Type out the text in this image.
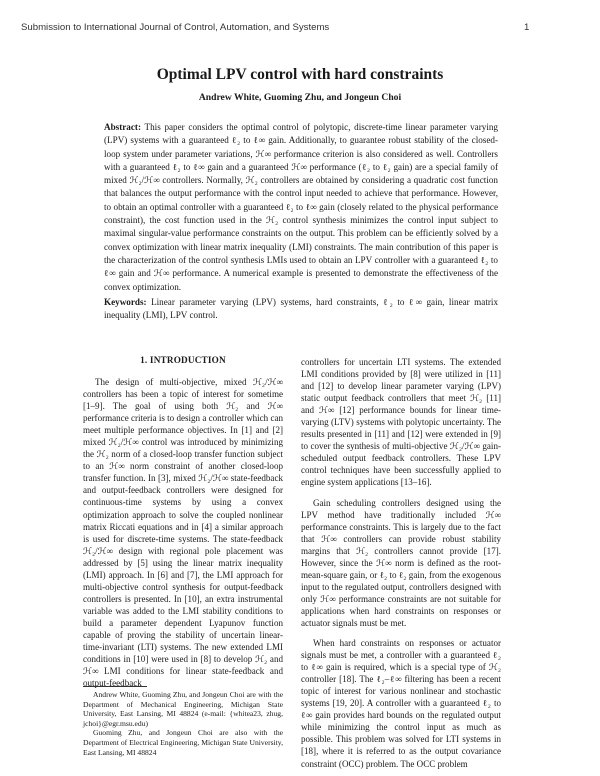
Submission to International Journal of Control, Automation, and Systems	1
Optimal LPV control with hard constraints
Andrew White, Guoming Zhu, and Jongeun Choi
Abstract: This paper considers the optimal control of polytopic, discrete-time linear parameter varying (LPV) systems with a guaranteed ℓ₂ to ℓ∞ gain. Additionally, to guarantee robust stability of the closed-loop system under parameter variations, ℋ∞ performance criterion is also considered as well. Controllers with a guaranteed ℓ₂ to ℓ∞ gain and a guaranteed ℋ∞ performance (ℓ₂ to ℓ₂ gain) are a special family of mixed ℋ₂/ℋ∞ controllers. Normally, ℋ₂ controllers are obtained by considering a quadratic cost function that balances the output performance with the control input needed to achieve that performance. However, to obtain an optimal controller with a guaranteed ℓ₂ to ℓ∞ gain (closely related to the physical performance constraint), the cost function used in the ℋ₂ control synthesis minimizes the control input subject to maximal singular-value performance constraints on the output. This problem can be efficiently solved by a convex optimization with linear matrix inequality (LMI) constraints. The main contribution of this paper is the characterization of the control synthesis LMIs used to obtain an LPV controller with a guaranteed ℓ₂ to ℓ∞ gain and ℋ∞ performance. A numerical example is presented to demonstrate the effectiveness of the convex optimization.
Keywords: Linear parameter varying (LPV) systems, hard constraints, ℓ₂ to ℓ∞ gain, linear matrix inequality (LMI), LPV control.
1. INTRODUCTION

The design of multi-objective, mixed ℋ₂/ℋ∞ controllers has been a topic of interest for sometime [1–9]. The goal of using both ℋ₂ and ℋ∞ performance criteria is to design a controller which can meet multiple performance objectives. In [1] and [2] mixed ℋ₂/ℋ∞ control was introduced by minimizing the ℋ₂ norm of a closed-loop transfer function subject to an ℋ∞ norm constraint of another closed-loop transfer function. In [3], mixed ℋ₂/ℋ∞ state-feedback and output-feedback controllers were designed for continuous-time systems by using a convex optimization approach to solve the coupled nonlinear matrix Riccati equations and in [4] a similar approach is used for discrete-time systems. The state-feedback ℋ₂/ℋ∞ design with regional pole placement was addressed by [5] using the linear matrix inequality (LMI) approach. In [6] and [7], the LMI approach for multi-objective control synthesis for output-feedback controllers is presented. In [10], an extra instrumental variable was added to the LMI stability conditions to build a parameter dependent Lyapunov function capable of proving the stability of uncertain linear-time-invariant (LTI) systems. The new extended LMI conditions in [10] were used in [8] to develop ℋ₂ and ℋ∞ LMI conditions for linear state-feedback and output-feedback

controllers for uncertain LTI systems. The extended LMI conditions provided by [8] were utilized in [11] and [12] to develop linear parameter varying (LPV) static output feedback controllers that meet ℋ₂ [11] and ℋ∞ [12] performance bounds for linear time-varying (LTV) systems with polytopic uncertainty. The results presented in [11] and [12] were extended in [9] to cover the synthesis of multi-objective ℋ₂/ℋ∞ gain-scheduled output feedback controllers. These LPV control techniques have been successfully applied to engine system applications [13–16].

Gain scheduling controllers designed using the LPV method have traditionally included ℋ∞ performance constraints. This is largely due to the fact that ℋ∞ controllers can provide robust stability margins that ℋ₂ controllers cannot provide [17]. However, since the ℋ∞ norm is defined as the root-mean-square gain, or ℓ₂ to ℓ₂ gain, from the exogenous input to the regulated output, controllers designed with only ℋ∞ performance constraints are not suitable for applications when hard constraints on responses or actuator signals must be met.

When hard constraints on responses or actuator signals must be met, a controller with a guaranteed ℓ₂ to ℓ∞ gain is required, which is a special type of ℋ₂ controller [18]. The ℓ₂–ℓ∞ filtering has been a recent topic of interest for various nonlinear and stochastic systems [19, 20]. A controller with a guaranteed ℓ₂ to ℓ∞ gain provides hard bounds on the regulated output while minimizing the control input as much as possible. This problem was solved for LTI systems in [18], where it is referred to as the output covariance constraint (OCC) problem. The OCC problem

Andrew White, Guoming Zhu, and Jongeun Choi are with the Department of Mechanical Engineering, Michigan State University, East Lansing, MI 48824 (e-mail: {whitea23, zhug, jchoi}@egr.msu.edu)

Guoming Zhu, and Jongeun Choi are also with the Department of Electrical Engineering, Michigan State University, East Lansing, MI 48824
